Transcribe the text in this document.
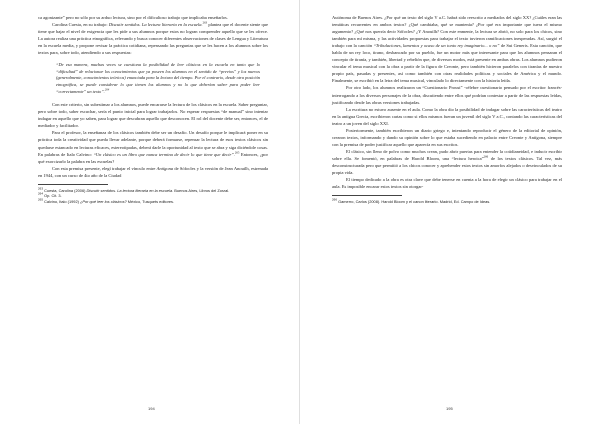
ca agonizante” pero no sólo por su arduo lectura, sino por el dificultoso trabajo que implicaba enseñarlos.

Carolina Cuesta, en su trabajo: Discutir sentidos. La lectura literaria en la escuela.$^{263}$ plantea que el docente siente que tiene que bajar el nivel de exigencia que les pide a sus alumnos porque estos no logran comprender aquello que se les ofrece. La autora realiza una práctica etnográfica, relevando y busca conocer diferentes observaciones de clases de Lengua y Literatura en la escuela media, y propone revisar la práctica cotidiana, repensando las preguntas que se les hacen a los alumnos sobre los textos para, sobre todo, atendiendo a sus respuestas:

“De esa manera, muchas veces se cuestiona la posibilidad de leer clásicos en la escuela en tanto que lo “dificultad” de relacionar los conocimientos que ya poseen los alumnos en el sentido de “previos” y los nuevos (generalmente, conocimientos teóricos) enunciada para la lectura del tiempo. Por el contrario, desde otra posición etnográfica, se puede considerar lo que tienen los alumnos y no lo que deberían saber para poder leer “correctamente” un texto”.$^{264}$

Con este criterio, sin subestimar a los alumnos, puede encararse la lectura de los clásicos en la escuela. Saber preguntar, pero sobre todo, saber escuchar, sería el punto inicial para lograr trabajarlos. No esperar respuestas “de manual” sino intentar indagar en aquello que yo saben, para lograr que descubran aquello que desconocen. El rol del docente debe ser, entonces, el de mediador y facilitador.

Para el profesor, la enseñanza de los clásicos también debe ser un desafío. Un desafío porque le implicará poner en su práctica toda la creatividad que pueda llevar adelante, porque deberá formarse, repensar la lectura de esos textos clásicos sin quedarse estancado en lecturas eficaces, estereotipadas, deberá darle la oportunidad al texto que se abra y siga diciéndole cosas. En palabras de Italo Calvino: “Un clásico es un libro que nunca termina de decir lo que tiene que decir”.$^{265}$ Entonces, ¿por qué exorcizarlo la palabra en las escuelas?

Con esta premisa presente, elegí trabajar el vínculo entre Antígona de Sófocles y la versión de Jean Anouilh, estrenada en 1944, con un curso de 4to año de la Ciudad

$^{263}$ Cuesta, Carolina (2006) Discutir sentidos. La lectura literaria en la escuela. Buenos Aires, Libros del Zorzal.

$^{264}$ Op. Cit. 3.

$^{265}$ Calvino, Italo (1992) ¿Por qué leer los clásicos? México, Tusquets editores.

194

Autónoma de Buenos Aires. ¿Por qué un texto del siglo V a.C. habrá sido reescrito a mediados del siglo XX? ¿Cuáles eran las temáticas recurrentes en ambos textos? ¿Qué cambiaba, qué se mantenía? ¿Por qué era importante que tuera el mismo argumento? ¿Qué nos querría decir Sófocles? ¿Y Anouilh? Con este enmente, la lectura se abrió, no solo para los chicos, sino también para mí misma, y las actividades propuestas para trabajar el texto tuvieron ramificaciones inesperadas. Así, surgió el trabajo con la canción “Tribulaciones, lamentos y ocaso de un tonto rey imaginario... o no” de Sui Generis. Esta canción, que habla de un rey loco, tirano, desbancado por su pueblo, fue un motor más que interesante para que los alumnos pensaran el concepto de tiranía, y también, libertad y rebelión que, de diversos modos, está presente en ambas obras. Los alumnos pudieron vincular el tema musical con la obra a partir de la figura de Creonte, pero también hicieron paralelos con tiranías de nuestro propio país, pasadas y presentes, así como también con otras realidades políticas y sociales de América y el mundo. Finalmente, se escribió en la letra del tema musical, vinculado lo directamente con la historia leída.

Por otro lado, los alumnos realizaron un “Cuestionario Proust” -célebre cuestionario pensado por el escritor francés- interrogando a los diversos personajes de la obra, discutiendo entre ellos qué podrían contestar a partir de las respuestas leídas, justificando desde las obras versiones trabajadas.

La escritura no estuvo ausente en el aula. Como la obra dio la posibilidad de indagar sobre las características del teatro en la antigua Grecia, escribieron cartas como si ellos mismos fueran un juvenil del siglo V a.C., contando las características del teatro a un joven del siglo XXI.

Posteriormente, también escribieron un diario griego e, intentando reproducir el género de la editorial de opinión, crearon textos, informando y dando su opinión sobre lo que estaba sucediendo en palacio entre Creonte y Antígona, siempre con la premisa de poder justificar aquello que aparecía en sus escritos.

El clásico, sin lleno de polvo como muchos crean, pudo abrir puertas para entender la cotidianeidad, e inducir escribir sobre ella. Se fomentó, en palabras de Harold Bloom, una “lectura heroica”$^{266}$ de los textos clásicos. Tal vez, más desconstructurada pero que permitió a los chicos conocer y aprehender estos textos sin amorfos alejados o desvinculados de su propia vida.

El tiempo dedicado a la obra es otra clave que debe tenerse en cuenta a la hora de elegir un clásico para trabajar en el aula. Es imposible encarar estos textos sin otorgar-

$^{266}$ Gamerro, Carlos (2008). Harold Bloom y el canon literario. Madrid, Ed. Campo de Ideas.

195
